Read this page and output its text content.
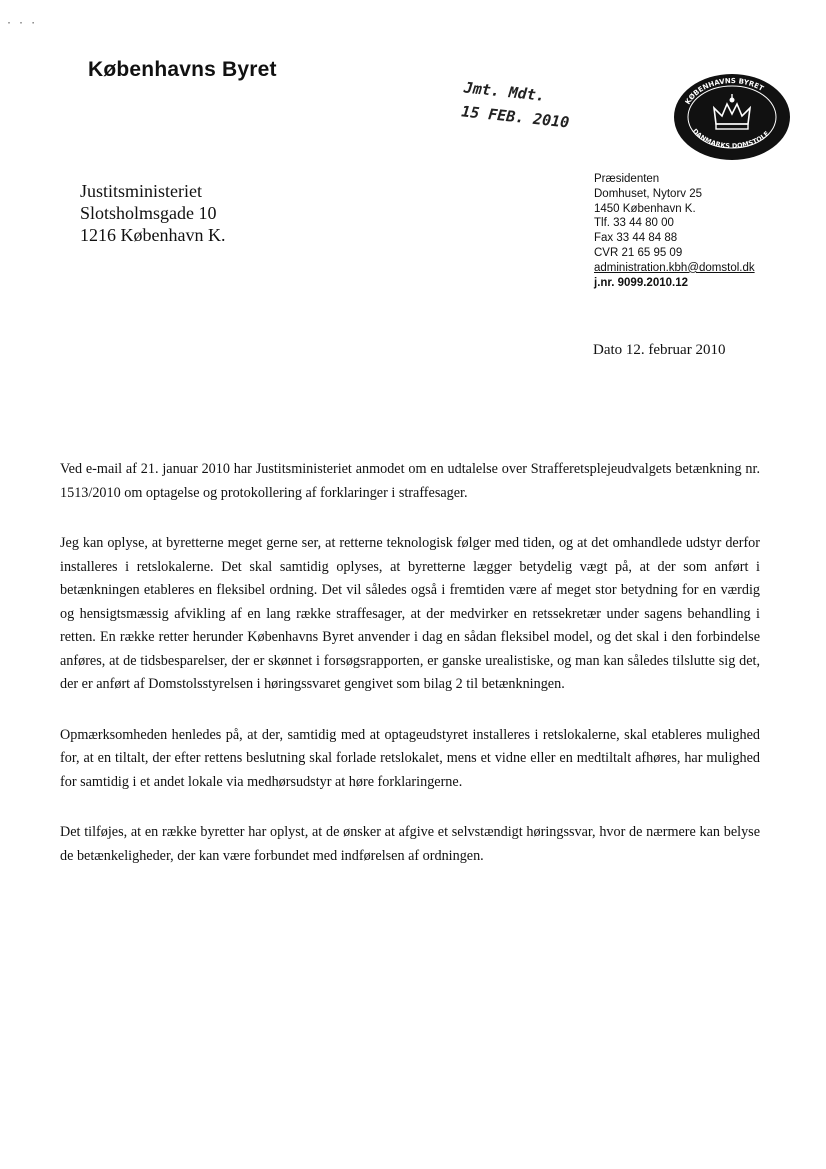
· · ·
Københavns Byret
Jmt. Mdt.
15 FEB. 2010
KØBENHAVNS BYRET
DANMARKS DOMSTOLE
Justitsministeriet
Slotsholmsgade 10
1216 København K.
Præsidenten
Domhuset, Nytorv 25
1450 København K.
Tlf. 33 44 80 00
Fax 33 44 84 88
CVR 21 65 95 09
administration.kbh@domstol.dk
j.nr. 9099.2010.12
Dato 12. februar 2010

Ved e-mail af 21. januar 2010 har Justitsministeriet anmodet om en udtalelse over Strafferetsplejeudvalgets betænkning nr. 1513/2010 om optagelse og protokollering af forklaringer i straffesager.

Jeg kan oplyse, at byretterne meget gerne ser, at retterne teknologisk følger med tiden, og at det omhandlede udstyr derfor installeres i retslokalerne. Det skal samtidig oplyses, at byretterne lægger betydelig vægt på, at der som anført i betænkningen etableres en fleksibel ordning. Det vil således også i fremtiden være af meget stor betydning for en værdig og hensigtsmæssig afvikling af en lang række straffesager, at der medvirker en retssekretær under sagens behandling i retten. En række retter herunder Københavns Byret anvender i dag en sådan fleksibel model, og det skal i den forbindelse anføres, at de tidsbesparelser, der er skønnet i forsøgsrapporten, er ganske urealistiske, og man kan således tilslutte sig det, der er anført af Domstolsstyrelsen i høringssvaret gengivet som bilag 2 til betænkningen.

Opmærksomheden henledes på, at der, samtidig med at optageudstyret installeres i retslokalerne, skal etableres mulighed for, at en tiltalt, der efter rettens beslutning skal forlade retslokalet, mens et vidne eller en medtiltalt afhøres, har mulighed for samtidig i et andet lokale via medhørsudstyr at høre forklaringerne.

Det tilføjes, at en række byretter har oplyst, at de ønsker at afgive et selvstændigt høringssvar, hvor de nærmere kan belyse de betænkeligheder, der kan være forbundet med indførelsen af ordningen.
